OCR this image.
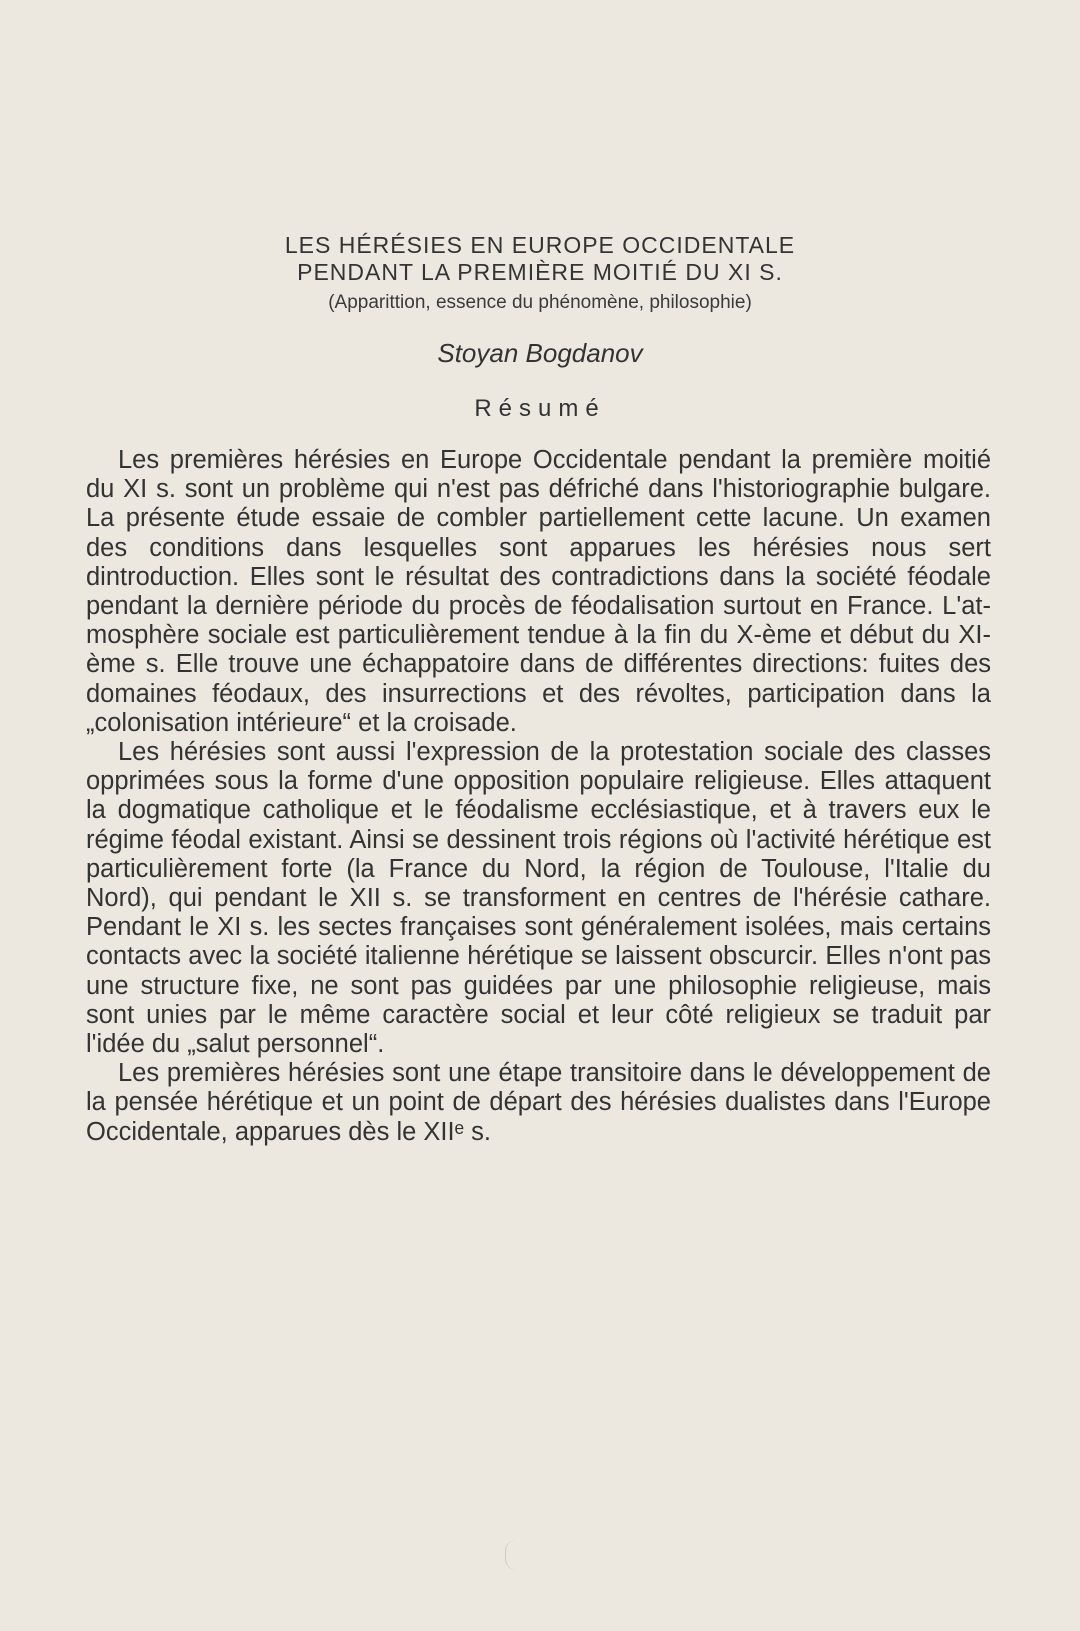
LES HÉRÉSIES EN EUROPE OCCIDENTALE

PENDANT LA PREMIÈRE MOITIÉ DU XI S.

(Apparittion, essence du phénomène, philosophie)
Stoyan Bogdanov
Résumé

Les premières hérésies en Europe Occidentale pendant la première moitié du XI s. sont un problème qui n'est pas défriché dans l'historiographie bulgare. La présente étude essaie de combler partiellement cette lacune. Un examen des conditions dans lesquelles sont apparues les hérésies nous sert dintroduction. Elles sont le résultat des contradictions dans la société féodale pendant la dernière période du procès de féodalisation surtout en France. L'atmosphère sociale est particulièrement tendue à la fin du X-ème et début du XI-ème s. Elle trouve une échappatoire dans de différentes directions: fuites des domaines féodaux, des insurrections et des révoltes, participation dans la „colonisation intérieure“ et la croisade.

Les hérésies sont aussi l'expression de la protestation sociale des classes opprimées sous la forme d'une opposition populaire religieuse. Elles attaquent la dogmatique catholique et le féodalisme ecclésiastique, et à travers eux le régime féodal existant. Ainsi se dessinent trois régions où l'activité hérétique est particulièrement forte (la France du Nord, la région de Toulouse, l'Italie du Nord), qui pendant le XII s. se transforment en centres de l'hérésie cathare. Pendant le XI s. les sectes françaises sont généralement isolées, mais certains contacts avec la société italienne hérétique se laissent obscurcir. Elles n'ont pas une structure fixe, ne sont pas guidées par une philosophie religieuse, mais sont unies par le même caractère social et leur côté religieux se traduit par l'idée du „salut personnel“.

Les premières hérésies sont une étape transitoire dans le développement de la pensée hérétique et un point de départ des hérésies dualistes dans l'Europe Occidentale, apparues dès le XIIᵉ s.
